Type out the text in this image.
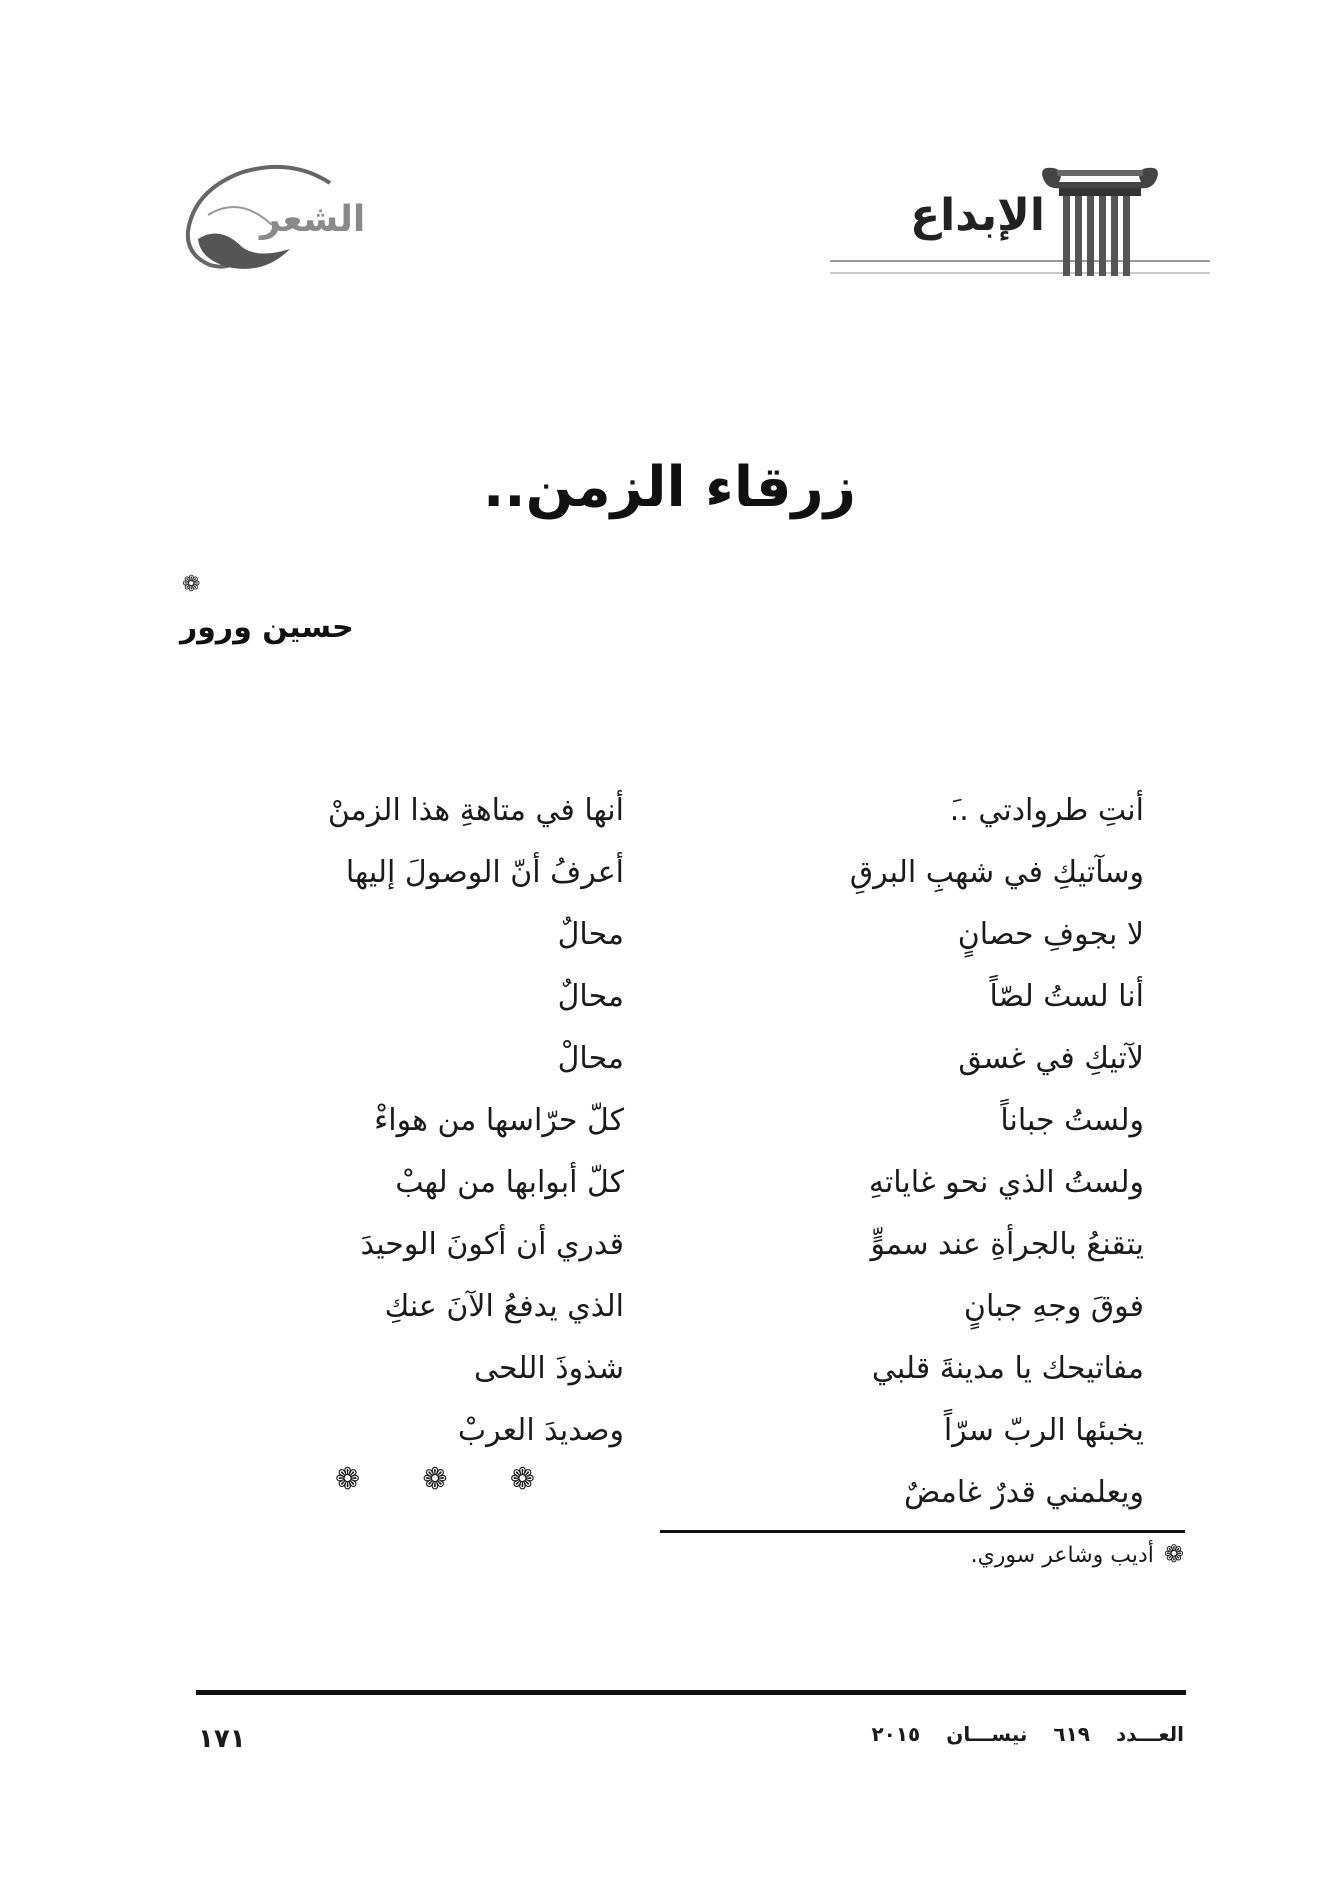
الإبداع
الشعر
زرقاء الزمن..
❁
حسين ورور
أنتِ طروادتي ..َ
وسآتيكِ في شهبِ البرقِ
لا بجوفِ حصانٍ
أنا لستُ لصّاً
لآتيكِ في غسق
ولستُ جباناً
ولستُ الذي نحو غاياتهِ
يتقنعُ بالجرأةِ عند سموٍّ
فوقَ وجهِ جبانٍ
مفاتيحك يا مدينةَ قلبي
يخبئها الربّ سرّاً
ويعلمني قدرٌ غامضٌ
أنها في متاهةِ هذا الزمنْ
أعرفُ أنّ الوصولَ إليها
محالٌ
محالٌ
محالْ
كلّ حرّاسها من هواءْ
كلّ أبوابها من لهبْ
قدري أن أكونَ الوحيدَ
الذي يدفعُ الآنَ عنكِ
شذوذَ اللحى
وصديدَ العربْ
❁ ❁ ❁
❁أديب وشاعر سوري.
العـــدد٦١٩نيســـان٢٠١٥
١٧١
